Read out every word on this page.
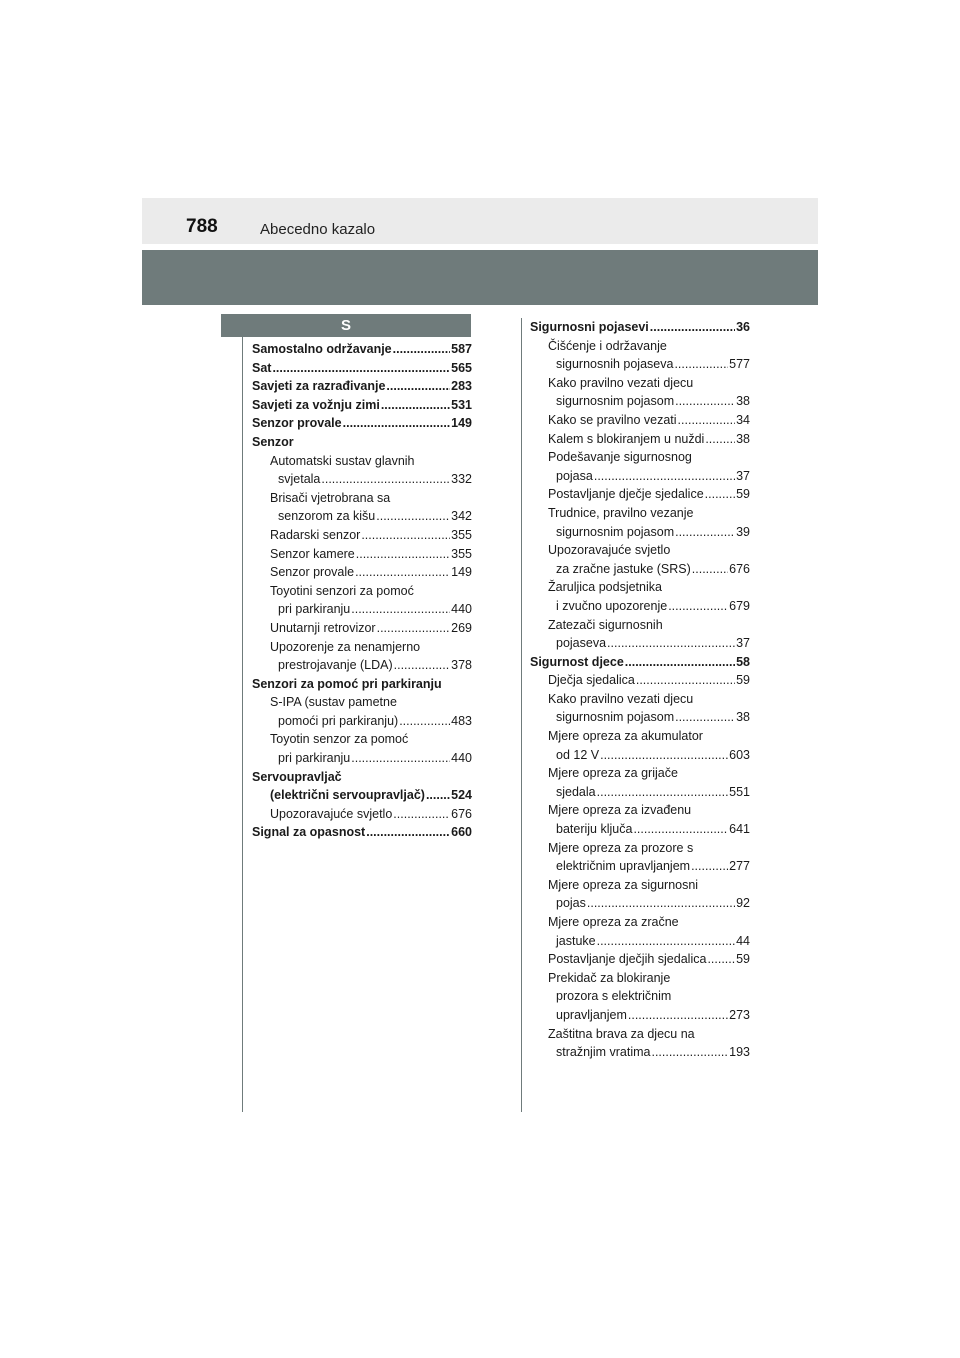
788	Abecedno kazalo
S
Samostalno održavanje .....	587
Sat .....	565
Savjeti za razrađivanje .....	283
Savjeti za vožnju zimi .....	531
Senzor provale .....	149
Senzor
Automatski sustav glavnih
svjetala .....	332
Brisači vjetrobrana sa
senzorom za kišu .....	342
Radarski senzor .....	355
Senzor kamere .....	355
Senzor provale .....	149
Toyotini senzori za pomoć
pri parkiranju .....	440
Unutarnji retrovizor .....	269
Upozorenje za nenamjerno
prestrojavanje (LDA) .....	378
Senzori za pomoć pri parkiranju
S-IPA (sustav pametne
pomoći pri parkiranju) .....	483
Toyotin senzor za pomoć
pri parkiranju .....	440
Servoupravljač
(električni servoupravljač) ..... 524
Upozoravajuće svjetlo .....	676
Signal za opasnost .....	660
Sigurnosni pojasevi .....	36
Čišćenje i održavanje
sigurnosnih pojaseva .....	577
Kako pravilno vezati djecu
sigurnosnim pojasom .....	38
Kako se pravilno vezati .....	34
Kalem s blokiranjem u nuždi .....	38
Podešavanje sigurnosnog
pojasa .....	37
Postavljanje dječje sjedalice .....	59
Trudnice, pravilno vezanje
sigurnosnim pojasom .....	39
Upozoravajuće svjetlo
za zračne jastuke (SRS) .....	676
Žaruljica podsjetnika
i zvučno upozorenje .....	679
Zatezači sigurnosnih
pojaseva .....	37
Sigurnost djece .....	58
Dječja sjedalica .....	59
Kako pravilno vezati djecu
sigurnosnim pojasom .....	38
Mjere opreza za akumulator
od 12 V .....	603
Mjere opreza za grijače
sjedala .....	551
Mjere opreza za izvađenu
bateriju ključa .....	641
Mjere opreza za prozore s
električnim upravljanjem .....	277
Mjere opreza za sigurnosni
pojas .....	92
Mjere opreza za zračne
jastuke .....	44
Postavljanje dječjih sjedalica ..... 59
Prekidač za blokiranje
prozora s električnim
upravljanjem .....	273
Zaštitna brava za djecu na
stražnjim vratima .....	193
